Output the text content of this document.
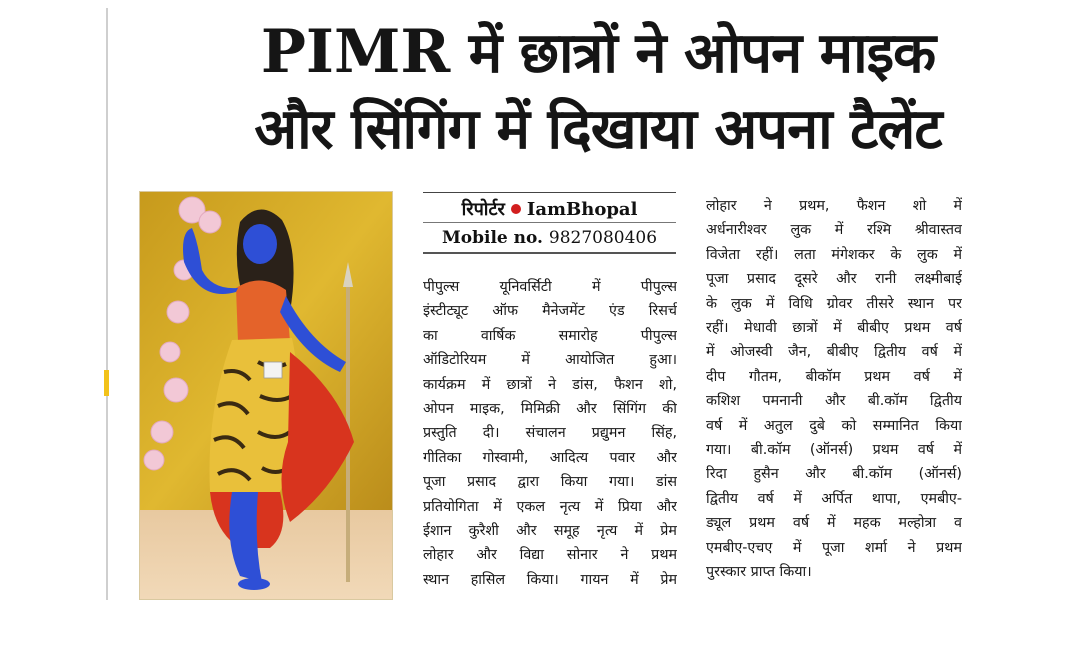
PIMR में छात्रों ने ओपन माइक
और सिंगिंग में दिखाया अपना टैलेंट
रिपोर्टर IamBhopal
Mobile no. 9827080406
पीपुल्स यूनिवर्सिटी में पीपुल्स
इंस्टीट्यूट ऑफ मैनेजमेंट एंड रिसर्च
का वार्षिक समारोह पीपुल्स
ऑडिटोरियम में आयोजित हुआ।
कार्यक्रम में छात्रों ने डांस, फैशन शो,
ओपन माइक, मिमिक्री और सिंगिंग की
प्रस्तुति दी। संचालन प्रद्युमन सिंह,
गीतिका गोस्वामी, आदित्य पवार और
पूजा प्रसाद द्वारा किया गया। डांस
प्रतियोगिता में एकल नृत्य में प्रिया और
ईशान कुरैशी और समूह नृत्य में प्रेम
लोहार और विद्या सोनार ने प्रथम
स्थान हासिल किया। गायन में प्रेम
लोहार ने प्रथम, फैशन शो में
अर्धनारीश्वर लुक में रश्मि श्रीवास्तव
विजेता रहीं। लता मंगेशकर के लुक में
पूजा प्रसाद दूसरे और रानी लक्ष्मीबाई
के लुक में विधि ग्रोवर तीसरे स्थान पर
रहीं। मेधावी छात्रों में बीबीए प्रथम वर्ष
में ओजस्वी जैन, बीबीए द्वितीय वर्ष में
दीप गौतम, बीकॉम प्रथम वर्ष में
कशिश पमनानी और बी.कॉम द्वितीय
वर्ष में अतुल दुबे को सम्मानित किया
गया। बी.कॉम (ऑनर्स) प्रथम वर्ष में
रिदा हुसैन और बी.कॉम (ऑनर्स)
द्वितीय वर्ष में अर्पित थापा, एमबीए-
ड्यूल प्रथम वर्ष में महक मल्होत्रा व
एमबीए-एचए में पूजा शर्मा ने प्रथम
पुरस्कार प्राप्त किया।
